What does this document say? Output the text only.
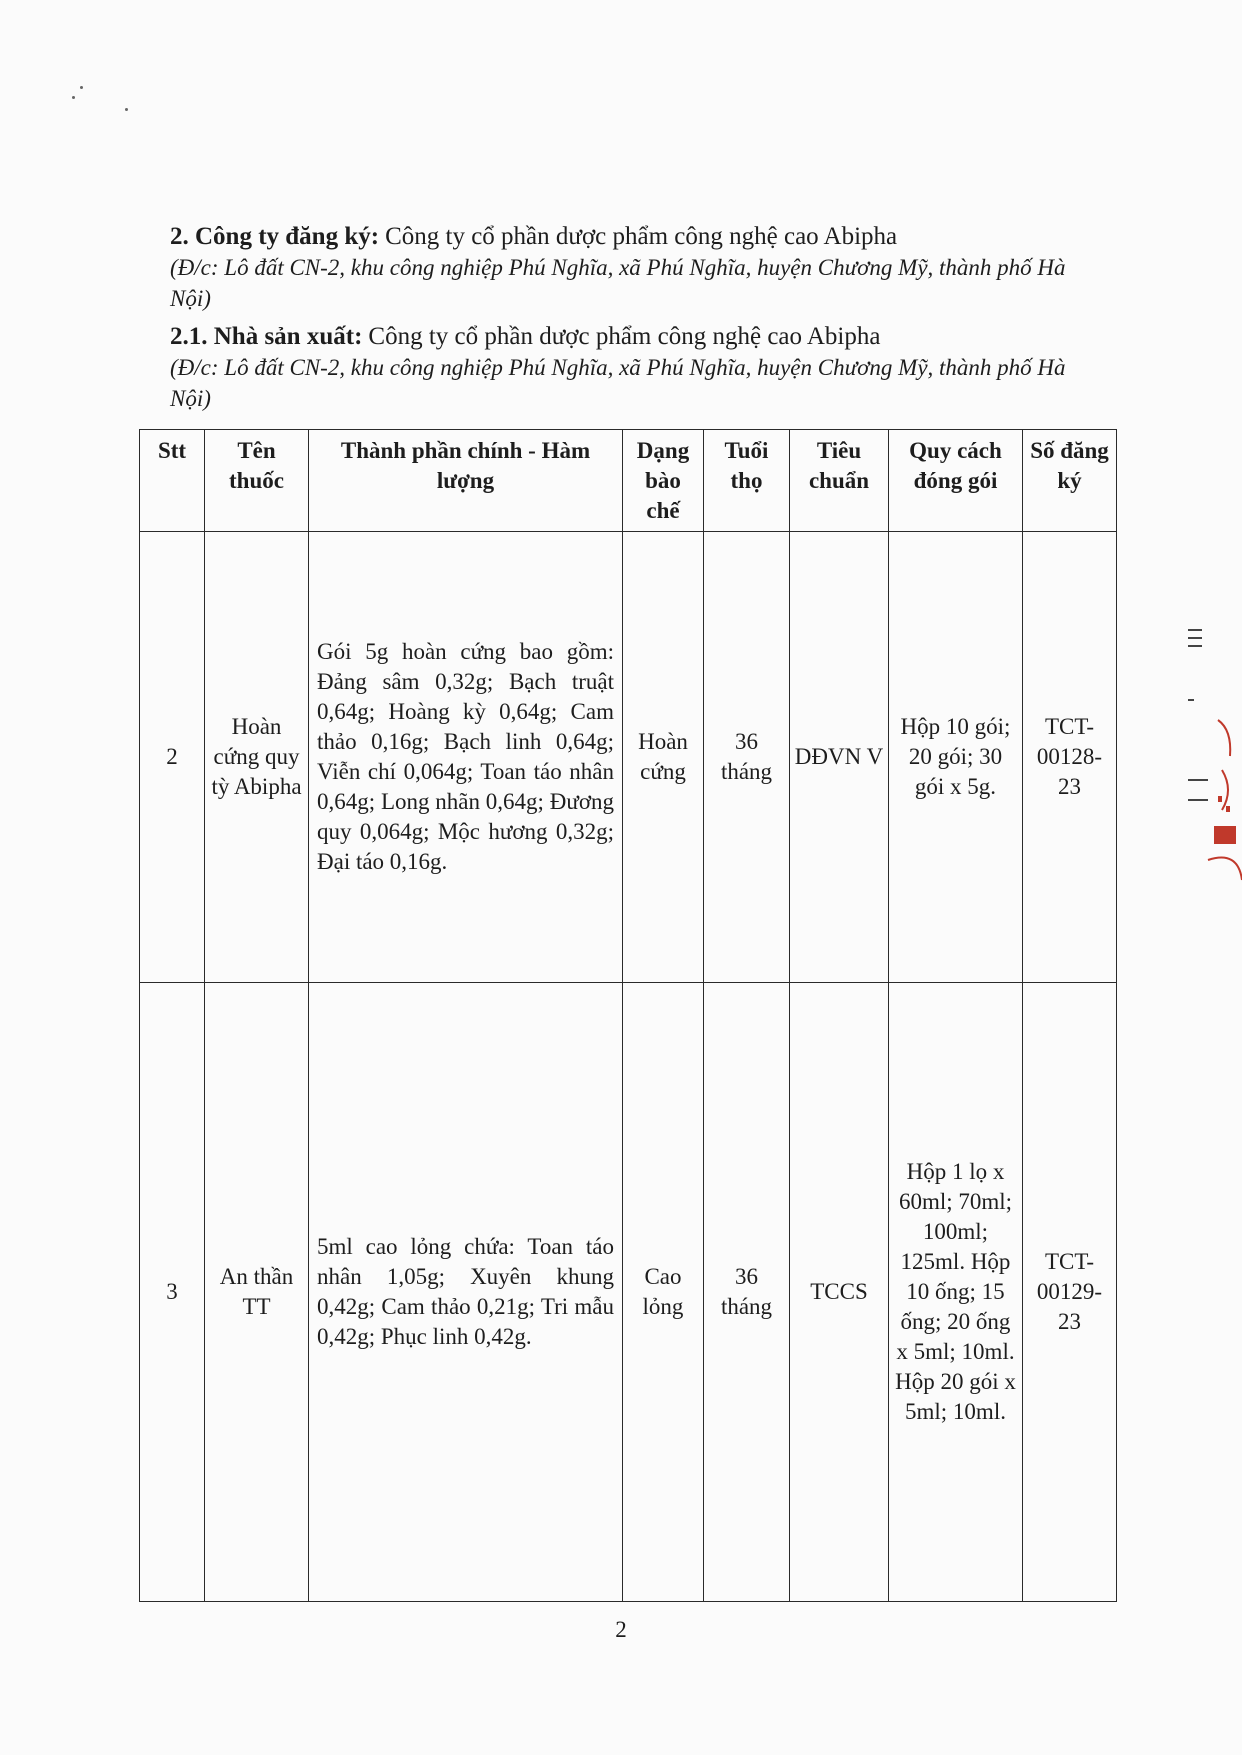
2. Công ty đăng ký: Công ty cổ phần dược phẩm công nghệ cao Abipha
(Đ/c: Lô đất CN-2, khu công nghiệp Phú Nghĩa, xã Phú Nghĩa, huyện Chương Mỹ, thành phố Hà Nội)
2.1. Nhà sản xuất: Công ty cổ phần dược phẩm công nghệ cao Abipha
(Đ/c: Lô đất CN-2, khu công nghiệp Phú Nghĩa, xã Phú Nghĩa, huyện Chương Mỹ, thành phố Hà Nội)
Stt	Tên thuốc	Thành phần chính - Hàm lượng	Dạng bào chế	Tuổi thọ	Tiêu chuẩn	Quy cách đóng gói	Số đăng ký
2	Hoàn cứng quy tỳ Abipha	Gói 5g hoàn cứng bao gồm: Đảng sâm 0,32g; Bạch truật 0,64g; Hoàng kỳ 0,64g; Cam thảo 0,16g; Bạch linh 0,64g; Viễn chí 0,064g; Toan táo nhân 0,64g; Long nhãn 0,64g; Đương quy 0,064g; Mộc hương 0,32g; Đại táo 0,16g.	Hoàn cứng	36 tháng	DĐVN V	Hộp 10 gói; 20 gói; 30 gói x 5g.	TCT-00128-23
3	An thần TT	5ml cao lỏng chứa: Toan táo nhân 1,05g; Xuyên khung 0,42g; Cam thảo 0,21g; Tri mẫu 0,42g; Phục linh 0,42g.	Cao lỏng	36 tháng	TCCS	Hộp 1 lọ x 60ml; 70ml; 100ml; 125ml. Hộp 10 ống; 15 ống; 20 ống x 5ml; 10ml. Hộp 20 gói x 5ml; 10ml.	TCT-00129-23
2
